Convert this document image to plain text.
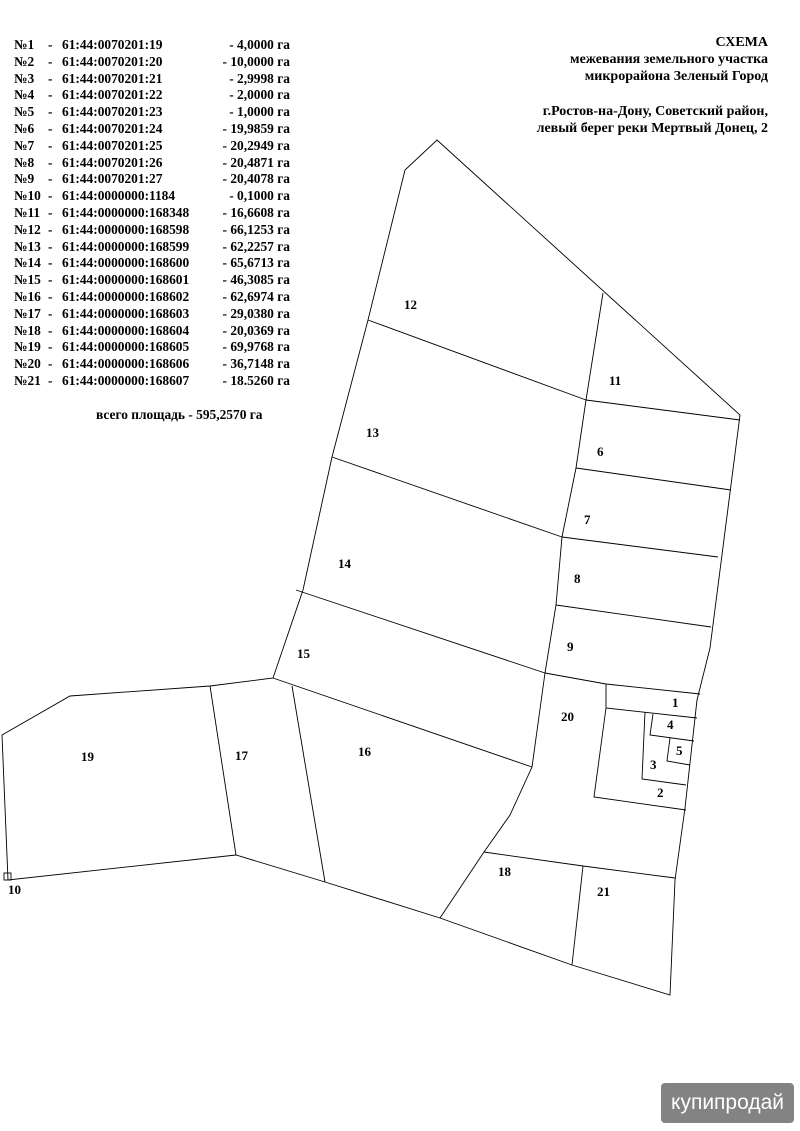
СХЕМА
межевания земельного участка
микрорайона Зеленый Город
г.Ростов-на-Дону, Советский район,
левый берег реки Мертвый Донец, 2
№1 - 61:44:0070201:19	- 4,0000 га
№2 - 61:44:0070201:20	- 10,0000 га
№3 - 61:44:0070201:21	- 2,9998 га
№4 - 61:44:0070201:22	- 2,0000 га
№5 - 61:44:0070201:23	- 1,0000 га
№6 - 61:44:0070201:24	- 19,9859 га
№7 - 61:44:0070201:25	- 20,2949 га
№8 - 61:44:0070201:26	- 20,4871 га
№9 - 61:44:0070201:27	- 20,4078 га
№10 - 61:44:0000000:1184	- 0,1000 га
№11 - 61:44:0000000:168348 - 16,6608 га
№12 - 61:44:0000000:168598 - 66,1253 га
№13 - 61:44:0000000:168599 - 62,2257 га
№14 - 61:44:0000000:168600 - 65,6713 га
№15 - 61:44:0000000:168601 - 46,3085 га
№16 - 61:44:0000000:168602 - 62,6974 га
№17 - 61:44:0000000:168603 - 29,0380 га
№18 - 61:44:0000000:168604 - 20,0369 га
№19 - 61:44:0000000:168605 - 69,9768 га
№20 - 61:44:0000000:168606 - 36,7148 га
№21 - 61:44:0000000:168607 - 18.5260 га
всего площадь - 595,2570 га
1
2
3
4
5
6
7
8
9
10
11
12
13
14
15
16
17
18
19
20
21
купипродай
